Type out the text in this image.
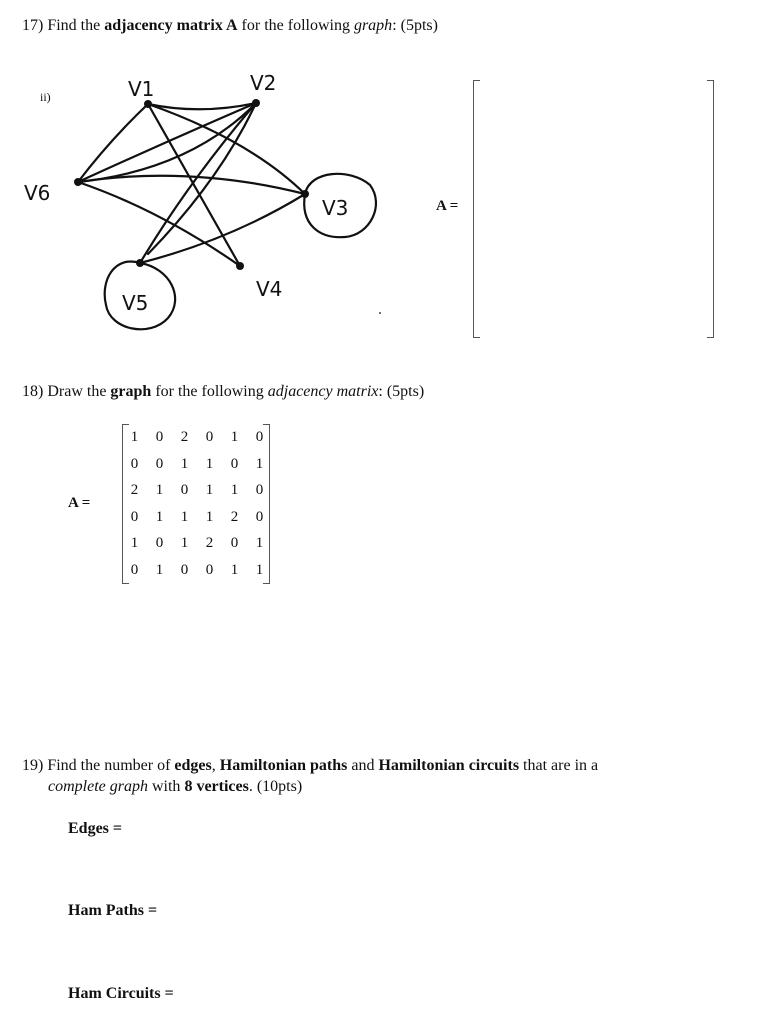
17) Find the adjacency matrix A for the following graph: (5pts)
ii)	V1	V2
V3
V4
V5
V6
A =
18) Draw the graph for the following adjacency matrix: (5pts)
A =
1	0	2	0	1	0
0	0	1	1	0	1
2	1	0	1	1	0
0	1	1	1	2	0
1	0	1	2	0	1
0	1	0	0	1	1
19) Find the number of edges, Hamiltonian paths and Hamiltonian circuits that are in a
complete graph with 8 vertices. (10pts)
Edges =
Ham Paths =
Ham Circuits =
